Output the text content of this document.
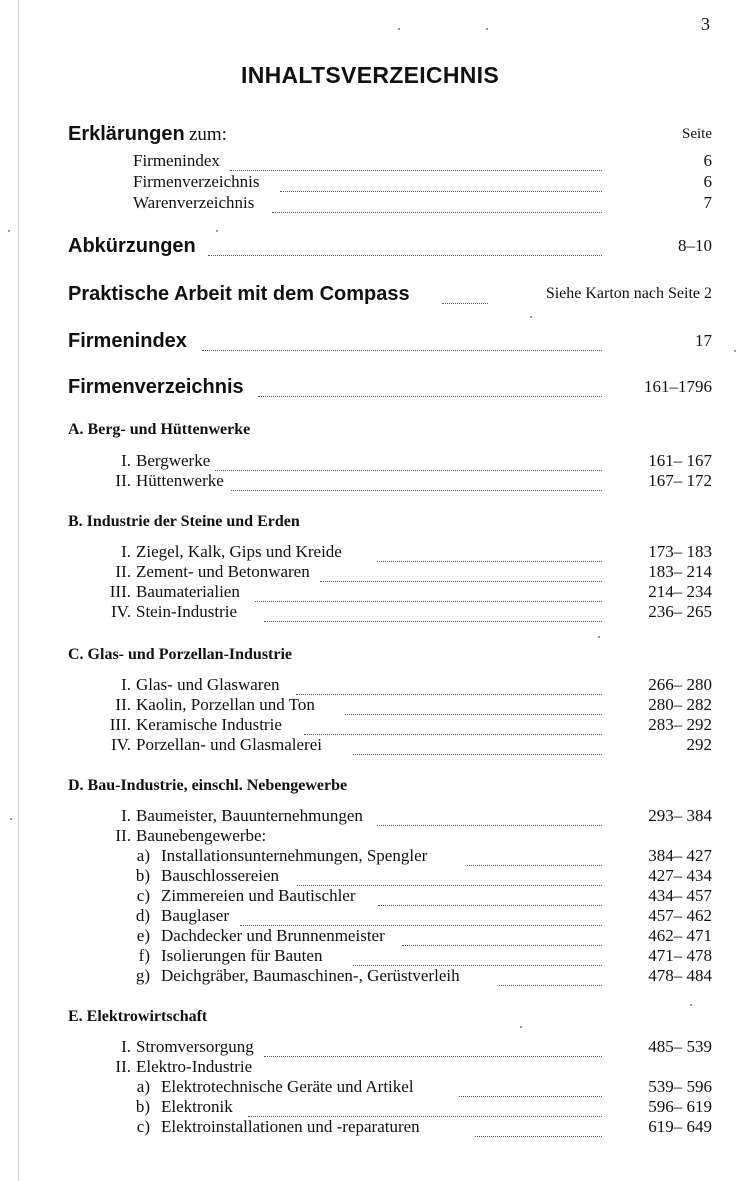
3
INHALTSVERZEICHNIS
Erklärungen zum:	Seite
Firmenindex	6
Firmenverzeichnis	6
Warenverzeichnis	7
Abkürzungen	8–10
Praktische Arbeit mit dem Compass	Siehe Karton nach Seite 2
Firmenindex	17
Firmenverzeichnis	161–1796
A. Berg- und Hüttenwerke
I. Bergwerke	161– 167
II. Hüttenwerke	167– 172
B. Industrie der Steine und Erden
I. Ziegel, Kalk, Gips und Kreide	173– 183
II. Zement- und Betonwaren	183– 214
III. Baumaterialien	214– 234
IV. Stein-Industrie	236– 265
C. Glas- und Porzellan-Industrie
I. Glas- und Glaswaren	266– 280
II. Kaolin, Porzellan und Ton	280– 282
III. Keramische Industrie	283– 292
IV. Porzellan- und Glasmalerei	292
D. Bau-Industrie, einschl. Nebengewerbe
I. Baumeister, Bauunternehmungen	293– 384
II. Baunebengewerbe:
a) Installationsunternehmungen, Spengler	384– 427
b) Bauschlossereien	427– 434
c) Zimmereien und Bautischler	434– 457
d) Bauglaser	457– 462
e) Dachdecker und Brunnenmeister	462– 471
f) Isolierungen für Bauten	471– 478
g) Deichgräber, Baumaschinen-, Gerüstverleih	478– 484
E. Elektrowirtschaft
I. Stromversorgung	485– 539
II. Elektro-Industrie
a) Elektrotechnische Geräte und Artikel	539– 596
b) Elektronik	596– 619
c) Elektroinstallationen und -reparaturen	619– 649
